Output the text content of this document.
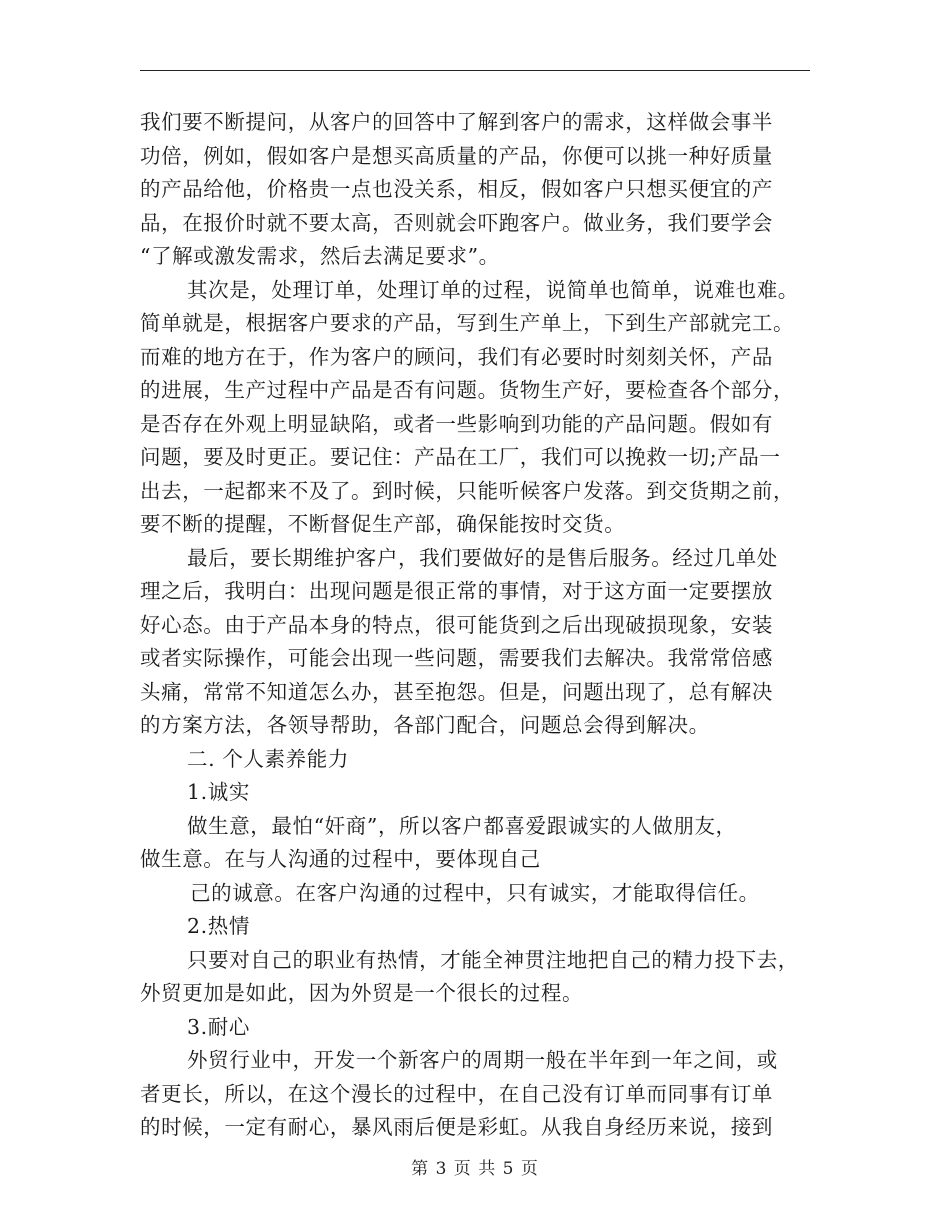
我们要不断提问，从客户的回答中了解到客户的需求，这样做会事半
功倍，例如，假如客户是想买高质量的产品，你便可以挑一种好质量
的产品给他，价格贵一点也没关系，相反，假如客户只想买便宜的产
品，在报价时就不要太高，否则就会吓跑客户。做业务，我们要学会
“了解或激发需求，然后去满足要求”。
其次是，处理订单，处理订单的过程，说简单也简单，说难也难。
简单就是，根据客户要求的产品，写到生产单上，下到生产部就完工。
而难的地方在于，作为客户的顾问，我们有必要时时刻刻关怀，产品
的进展，生产过程中产品是否有问题。货物生产好，要检查各个部分，
是否存在外观上明显缺陷，或者一些影响到功能的产品问题。假如有
问题，要及时更正。要记住：产品在工厂，我们可以挽救一切;产品一
出去，一起都来不及了。到时候，只能听候客户发落。到交货期之前，
要不断的提醒，不断督促生产部，确保能按时交货。
最后，要长期维护客户，我们要做好的是售后服务。经过几单处
理之后，我明白：出现问题是很正常的事情，对于这方面一定要摆放
好心态。由于产品本身的特点，很可能货到之后出现破损现象，安装
或者实际操作，可能会出现一些问题，需要我们去解决。我常常倍感
头痛，常常不知道怎么办，甚至抱怨。但是，问题出现了，总有解决
的方案方法，各领导帮助，各部门配合，问题总会得到解决。
二. 个人素养能力
1.诚实
做生意，最怕“奸商”，所以客户都喜爱跟诚实的人做朋友，
做生意。在与人沟通的过程中，要体现自己
己的诚意。在客户沟通的过程中，只有诚实，才能取得信任。
2.热情
只要对自己的职业有热情，才能全神贯注地把自己的精力投下去，
外贸更加是如此，因为外贸是一个很长的过程。
3.耐心
外贸行业中，开发一个新客户的周期一般在半年到一年之间，或
者更长，所以，在这个漫长的过程中，在自己没有订单而同事有订单
的时候，一定有耐心，暴风雨后便是彩虹。从我自身经历来说，接到
第 3 页 共 5 页
